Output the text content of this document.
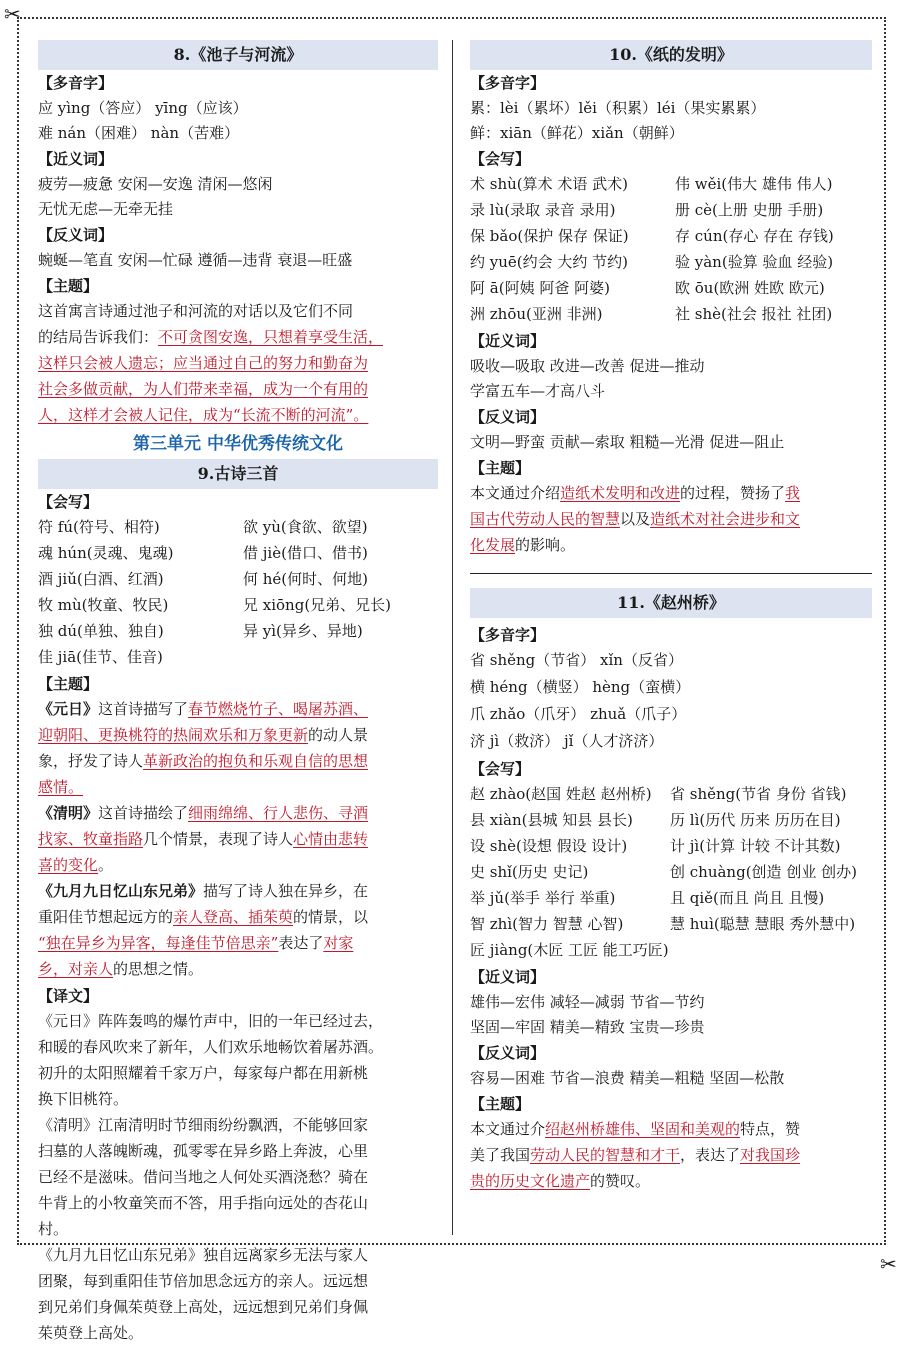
✂
✂
8.《池子与河流》
【多音字】
应 yìng（答应） yīng（应该）
难 nán（困难） nàn（苦难）
【近义词】
疲劳—疲惫 安闲—安逸 清闲—悠闲
无忧无虑—无牵无挂
【反义词】
蜿蜒—笔直 安闲—忙碌 遵循—违背 衰退—旺盛
【主题】
这首寓言诗通过池子和河流的对话以及它们不同
的结局告诉我们：不可贪图安逸，只想着享受生活，
这样只会被人遗忘；应当通过自己的努力和勤奋为
社会多做贡献，为人们带来幸福，成为一个有用的
人，这样才会被人记住，成为“长流不断的河流”。
第三单元 中华优秀传统文化
9.古诗三首
【会写】
符 fú(符号、相符)	欲 yù(食欲、欲望)
魂 hún(灵魂、鬼魂)	借 jiè(借口、借书)
酒 jiǔ(白酒、红酒)	何 hé(何时、何地)
牧 mù(牧童、牧民)	兄 xiōng(兄弟、兄长)
独 dú(单独、独自)	异 yì(异乡、异地)
佳 jiā(佳节、佳音)
【主题】
《元日》这首诗描写了春节燃烧竹子、喝屠苏酒、
迎朝阳、更换桃符的热闹欢乐和万象更新的动人景
象，抒发了诗人革新政治的抱负和乐观自信的思想
感情。
《清明》这首诗描绘了细雨绵绵、行人悲伤、寻酒
找家、牧童指路几个情景，表现了诗人心情由悲转
喜的变化。
《九月九日忆山东兄弟》描写了诗人独在异乡，在
重阳佳节想起远方的亲人登高、插茱萸的情景，以
“独在异乡为异客，每逢佳节倍思亲”表达了对家
乡，对亲人的思想之情。
【译文】
《元日》阵阵轰鸣的爆竹声中，旧的一年已经过去，
和暖的春风吹来了新年，人们欢乐地畅饮着屠苏酒。
初升的太阳照耀着千家万户，每家每户都在用新桃
换下旧桃符。
《清明》江南清明时节细雨纷纷飘洒，不能够回家
扫墓的人落魄断魂，孤零零在异乡路上奔波，心里
已经不是滋味。借问当地之人何处买酒浇愁？骑在
牛背上的小牧童笑而不答，用手指向远处的杏花山
村。
《九月九日忆山东兄弟》独自远离家乡无法与家人
团聚，每到重阳佳节倍加思念远方的亲人。远远想
到兄弟们身佩茱萸登上高处，远远想到兄弟们身佩
茱萸登上高处。
10.《纸的发明》
【多音字】
累：lèi（累坏）lěi（积累）léi（果实累累）
鲜：xiān（鲜花）xiǎn（朝鲜）
【会写】
术 shù(算术 术语 武术)	伟 wěi(伟大 雄伟 伟人)
录 lù(录取 录音 录用)	册 cè(上册 史册 手册)
保 bǎo(保护 保存 保证)	存 cún(存心 存在 存钱)
约 yuē(约会 大约 节约)	验 yàn(验算 验血 经验)
阿 ā(阿姨 阿爸 阿婆)	欧 ōu(欧洲 姓欧 欧元)
洲 zhōu(亚洲 非洲)	社 shè(社会 报社 社团)
【近义词】
吸收—吸取 改进—改善 促进—推动
学富五车—才高八斗
【反义词】
文明—野蛮 贡献—索取 粗糙—光滑 促进—阻止
【主题】
本文通过介绍造纸术发明和改进的过程，赞扬了我
国古代劳动人民的智慧以及造纸术对社会进步和文
化发展的影响。
11.《赵州桥》
【多音字】
省 shěng（节省） xǐn（反省）
横 héng（横竖） hèng（蛮横）
爪 zhǎo（爪牙） zhuǎ（爪子）
济 jì（救济） jǐ（人才济济）
【会写】
赵 zhào(赵国 姓赵 赵州桥)	省 shěng(节省 身份 省钱)
县 xiàn(县城 知县 县长)	历 lì(历代 历来 历历在目)
设 shè(设想 假设 设计)	计 jì(计算 计较 不计其数)
史 shǐ(历史 史记)	创 chuàng(创造 创业 创办)
举 jǔ(举手 举行 举重)	且 qiě(而且 尚且 且慢)
智 zhì(智力 智慧 心智)	慧 huì(聪慧 慧眼 秀外慧中)
匠 jiàng(木匠 工匠 能工巧匠)
【近义词】
雄伟—宏伟 减轻—减弱 节省—节约
坚固—牢固 精美—精致 宝贵—珍贵
【反义词】
容易—困难 节省—浪费 精美—粗糙 坚固—松散
【主题】
本文通过介绍赵州桥雄伟、坚固和美观的特点，赞
美了我国劳动人民的智慧和才干，表达了对我国珍
贵的历史文化遗产的赞叹。
